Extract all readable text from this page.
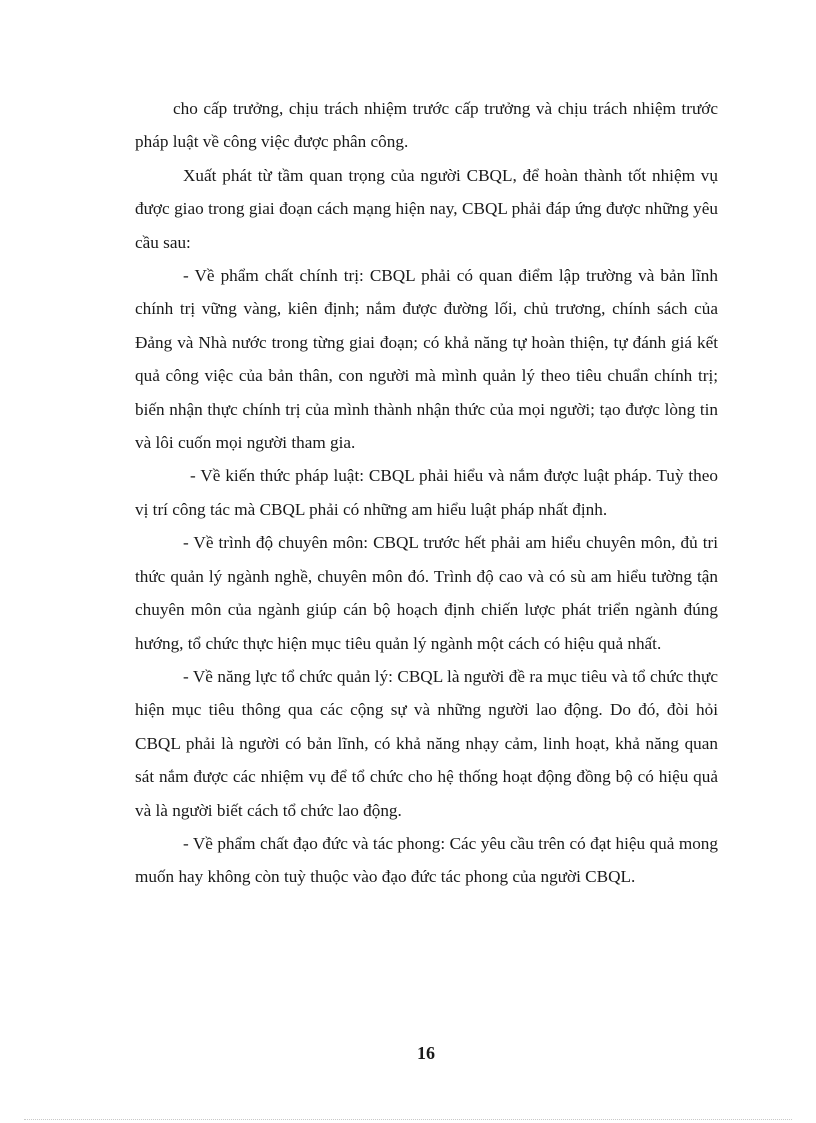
cho cấp trưởng, chịu trách nhiệm trước cấp trưởng và chịu trách nhiệm trước pháp luật về công việc được phân công.

Xuất phát từ tầm quan trọng của người CBQL, để hoàn thành tốt nhiệm vụ được giao trong giai đoạn cách mạng hiện nay, CBQL phải đáp ứng được những yêu cầu sau:

- Về phẩm chất chính trị: CBQL phải có quan điểm lập trường và bản lĩnh chính trị vững vàng, kiên định; nắm được đường lối, chủ trương, chính sách của Đảng và Nhà nước trong từng giai đoạn; có khả năng tự hoàn thiện, tự đánh giá kết quả công việc của bản thân, con người mà mình quản lý theo tiêu chuẩn chính trị; biến nhận thực chính trị của mình thành nhận thức của mọi người; tạo được lòng tin và lôi cuốn mọi người tham gia.

- Về kiến thức pháp luật: CBQL phải hiểu và nắm được luật pháp. Tuỳ theo vị trí công tác mà CBQL phải có những am hiểu luật pháp nhất định.

- Về trình độ chuyên môn: CBQL trước hết phải am hiểu chuyên môn, đủ tri thức quản lý ngành nghề, chuyên môn đó. Trình độ cao và có sù am hiểu tường tận chuyên môn của ngành giúp cán bộ hoạch định chiến lược phát triển ngành đúng hướng, tổ chức thực hiện mục tiêu quản lý ngành một cách có hiệu quả nhất.

- Về năng lực tổ chức quản lý: CBQL là người đề ra mục tiêu và tổ chức thực hiện mục tiêu thông qua các cộng sự và những người lao động. Do đó, đòi hỏi CBQL phải là người có bản lĩnh, có khả năng nhạy cảm, linh hoạt, khả năng quan sát nắm được các nhiệm vụ để tổ chức cho hệ thống hoạt động đồng bộ có hiệu quả và là người biết cách tổ chức lao động.

- Về phẩm chất đạo đức và tác phong: Các yêu cầu trên có đạt hiệu quả mong muốn hay không còn tuỳ thuộc vào đạo đức tác phong của người CBQL.

16
